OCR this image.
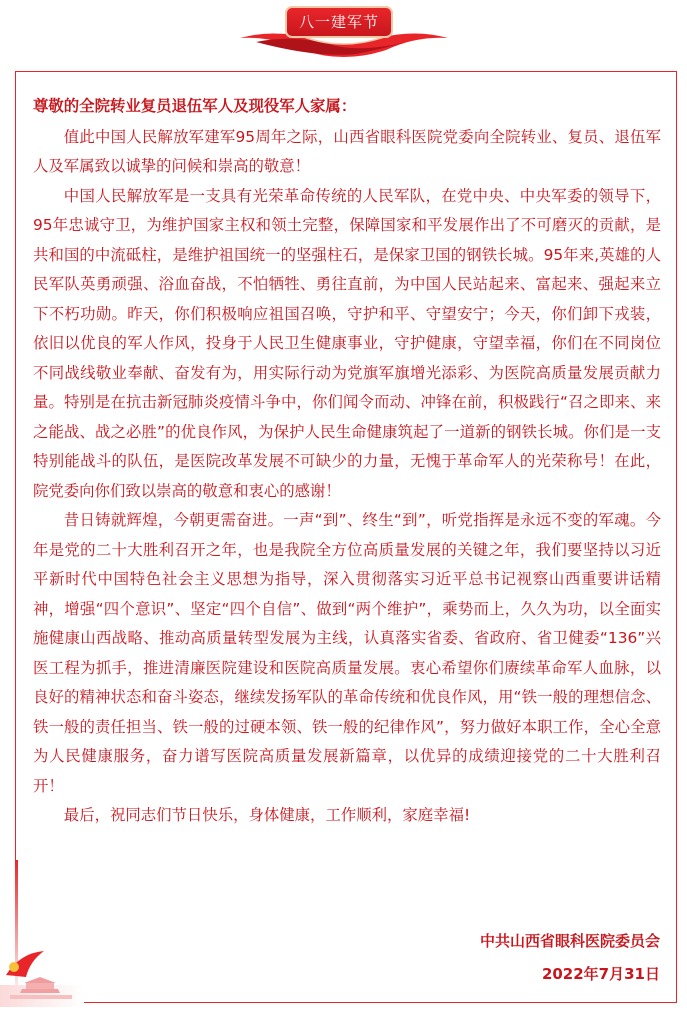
八一建军节

尊敬的全院转业复员退伍军人及现役军人家属：

值此中国人民解放军建军95周年之际，山西省眼科医院党委向全院转业、复员、退伍军人及军属致以诚挚的问候和崇高的敬意！

中国人民解放军是一支具有光荣革命传统的人民军队，在党中央、中央军委的领导下，95年忠诚守卫，为维护国家主权和领土完整，保障国家和平发展作出了不可磨灭的贡献，是共和国的中流砥柱，是维护祖国统一的坚强柱石，是保家卫国的钢铁长城。95年来,英雄的人民军队英勇顽强、浴血奋战，不怕牺牲、勇往直前，为中国人民站起来、富起来、强起来立下不朽功勋。昨天，你们积极响应祖国召唤，守护和平、守望安宁；今天，你们卸下戎装，依旧以优良的军人作风，投身于人民卫生健康事业，守护健康，守望幸福，你们在不同岗位不同战线敬业奉献、奋发有为，用实际行动为党旗军旗增光添彩、为医院高质量发展贡献力量。特别是在抗击新冠肺炎疫情斗争中，你们闻令而动、冲锋在前，积极践行“召之即来、来之能战、战之必胜”的优良作风，为保护人民生命健康筑起了一道新的钢铁长城。你们是一支特别能战斗的队伍，是医院改革发展不可缺少的力量，无愧于革命军人的光荣称号！在此，院党委向你们致以崇高的敬意和衷心的感谢！

昔日铸就辉煌，今朝更需奋进。一声“到”、终生“到”，听党指挥是永远不变的军魂。今年是党的二十大胜利召开之年，也是我院全方位高质量发展的关键之年，我们要坚持以习近平新时代中国特色社会主义思想为指导，深入贯彻落实习近平总书记视察山西重要讲话精神，增强“四个意识”、坚定“四个自信”、做到“两个维护”，乘势而上，久久为功，以全面实施健康山西战略、推动高质量转型发展为主线，认真落实省委、省政府、省卫健委“136”兴医工程为抓手，推进清廉医院建设和医院高质量发展。衷心希望你们赓续革命军人血脉，以良好的精神状态和奋斗姿态，继续发扬军队的革命传统和优良作风，用“铁一般的理想信念、铁一般的责任担当、铁一般的过硬本领、铁一般的纪律作风”，努力做好本职工作，全心全意为人民健康服务，奋力谱写医院高质量发展新篇章，以优异的成绩迎接党的二十大胜利召开！

最后，祝同志们节日快乐，身体健康，工作顺利，家庭幸福!

中共山西省眼科医院委员会
2022年7月31日
